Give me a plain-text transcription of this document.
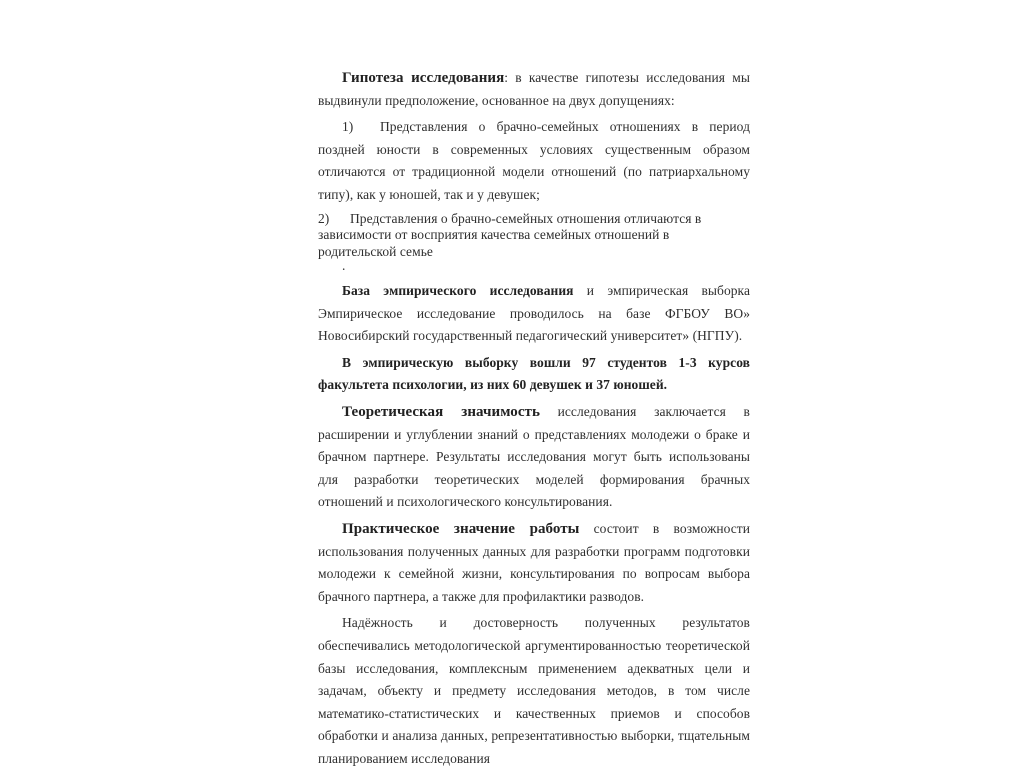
Гипотеза исследования: в качестве гипотезы исследования мы выдвинули предположение, основанное на двух допущениях:

1)	Представления о брачно-семейных отношениях в период поздней юности в современных условиях существенным образом отличаются от традиционной модели отношений (по патриархальному типу), как у юношей, так и у девушек;
2)	Представления о брачно-семейных отношения отличаются в зависимости от восприятия качества семейных отношений в родительской семье
.

База эмпирического исследования и эмпирическая выборка Эмпирическое исследование проводилось на базе ФГБОУ ВО» Новосибирский государственный педагогический университет» (НГПУ).

В эмпирическую выборку вошли 97 студентов 1-3 курсов факультета психологии, из них 60 девушек и 37 юношей.

Теоретическая значимость исследования заключается в расширении и углублении знаний о представлениях молодежи о браке и брачном партнере. Результаты исследования могут быть использованы для разработки теоретических моделей формирования брачных отношений и психологического консультирования.

Практическое значение работы состоит в возможности использования полученных данных для разработки программ подготовки молодежи к семейной жизни, консультирования по вопросам выбора брачного партнера, а также для профилактики разводов.

Надёжность и достоверность полученных результатов обеспечивались методологической аргументированностью теоретической базы исследования, комплексным применением адекватных цели и задачам, объекту и предмету исследования методов, в том числе математико-статистических и качественных приемов и способов обработки и анализа данных, репрезентативностью выборки, тщательным планированием исследования
